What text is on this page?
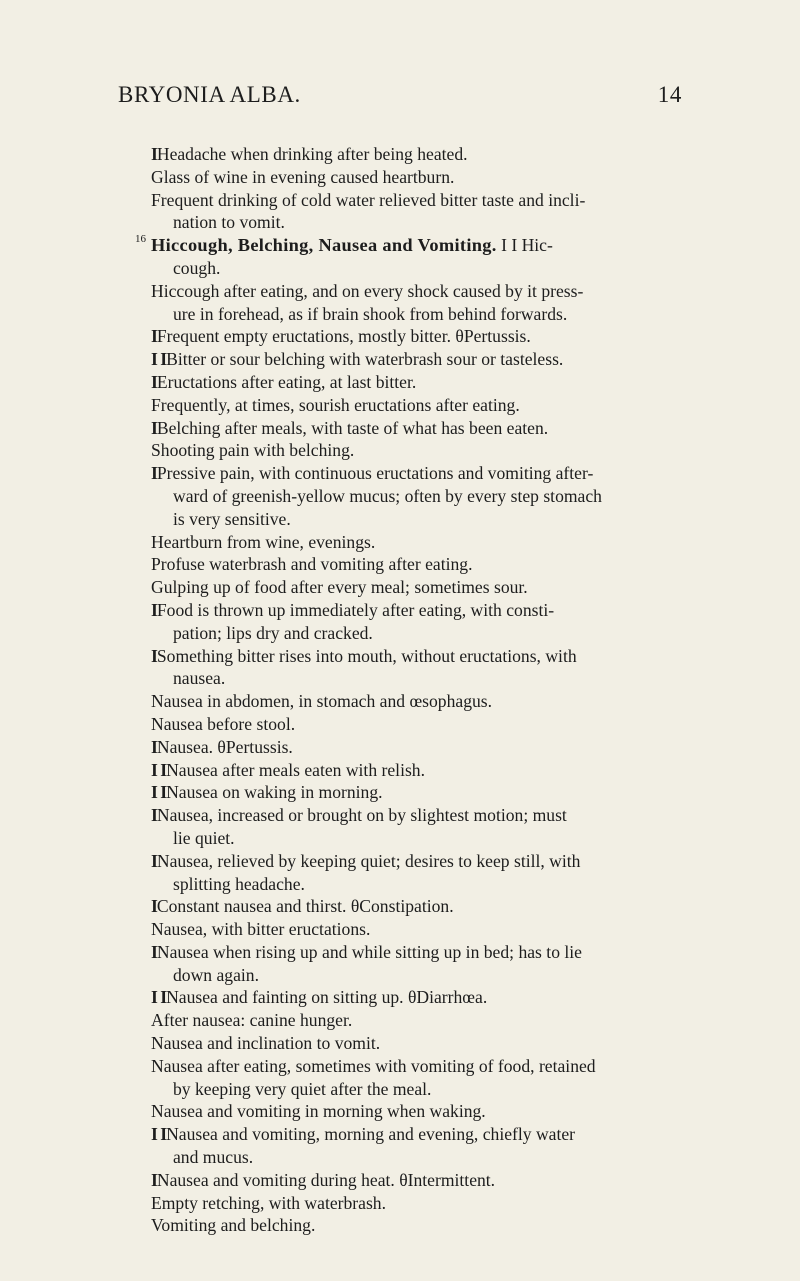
BRYONIA ALBA.	14
IHeadache when drinking after being heated.
Glass of wine in evening caused heartburn.
Frequent drinking of cold water relieved bitter taste and incli-
nation to vomit.
16 Hiccough, Belching, Nausea and Vomiting. I I Hic-
cough.
Hiccough after eating, and on every shock caused by it press-
ure in forehead, as if brain shook from behind forwards.
IFrequent empty eructations, mostly bitter. θPertussis.
I IBitter or sour belching with waterbrash sour or tasteless.
IEructations after eating, at last bitter.
Frequently, at times, sourish eructations after eating.
IBelching after meals, with taste of what has been eaten.
Shooting pain with belching.
IPressive pain, with continuous eructations and vomiting after-
ward of greenish-yellow mucus; often by every step stomach
is very sensitive.
Heartburn from wine, evenings.
Profuse waterbrash and vomiting after eating.
Gulping up of food after every meal; sometimes sour.
IFood is thrown up immediately after eating, with consti-
pation; lips dry and cracked.
ISomething bitter rises into mouth, without eructations, with
nausea.
Nausea in abdomen, in stomach and œsophagus.
Nausea before stool.
INausea. θPertussis.
I INausea after meals eaten with relish.
I INausea on waking in morning.
INausea, increased or brought on by slightest motion; must
lie quiet.
INausea, relieved by keeping quiet; desires to keep still, with
splitting headache.
IConstant nausea and thirst. θConstipation.
Nausea, with bitter eructations.
INausea when rising up and while sitting up in bed; has to lie
down again.
I INausea and fainting on sitting up. θDiarrhœa.
After nausea: canine hunger.
Nausea and inclination to vomit.
Nausea after eating, sometimes with vomiting of food, retained
by keeping very quiet after the meal.
Nausea and vomiting in morning when waking.
I INausea and vomiting, morning and evening, chiefly water
and mucus.
INausea and vomiting during heat. θIntermittent.
Empty retching, with waterbrash.
Vomiting and belching.
